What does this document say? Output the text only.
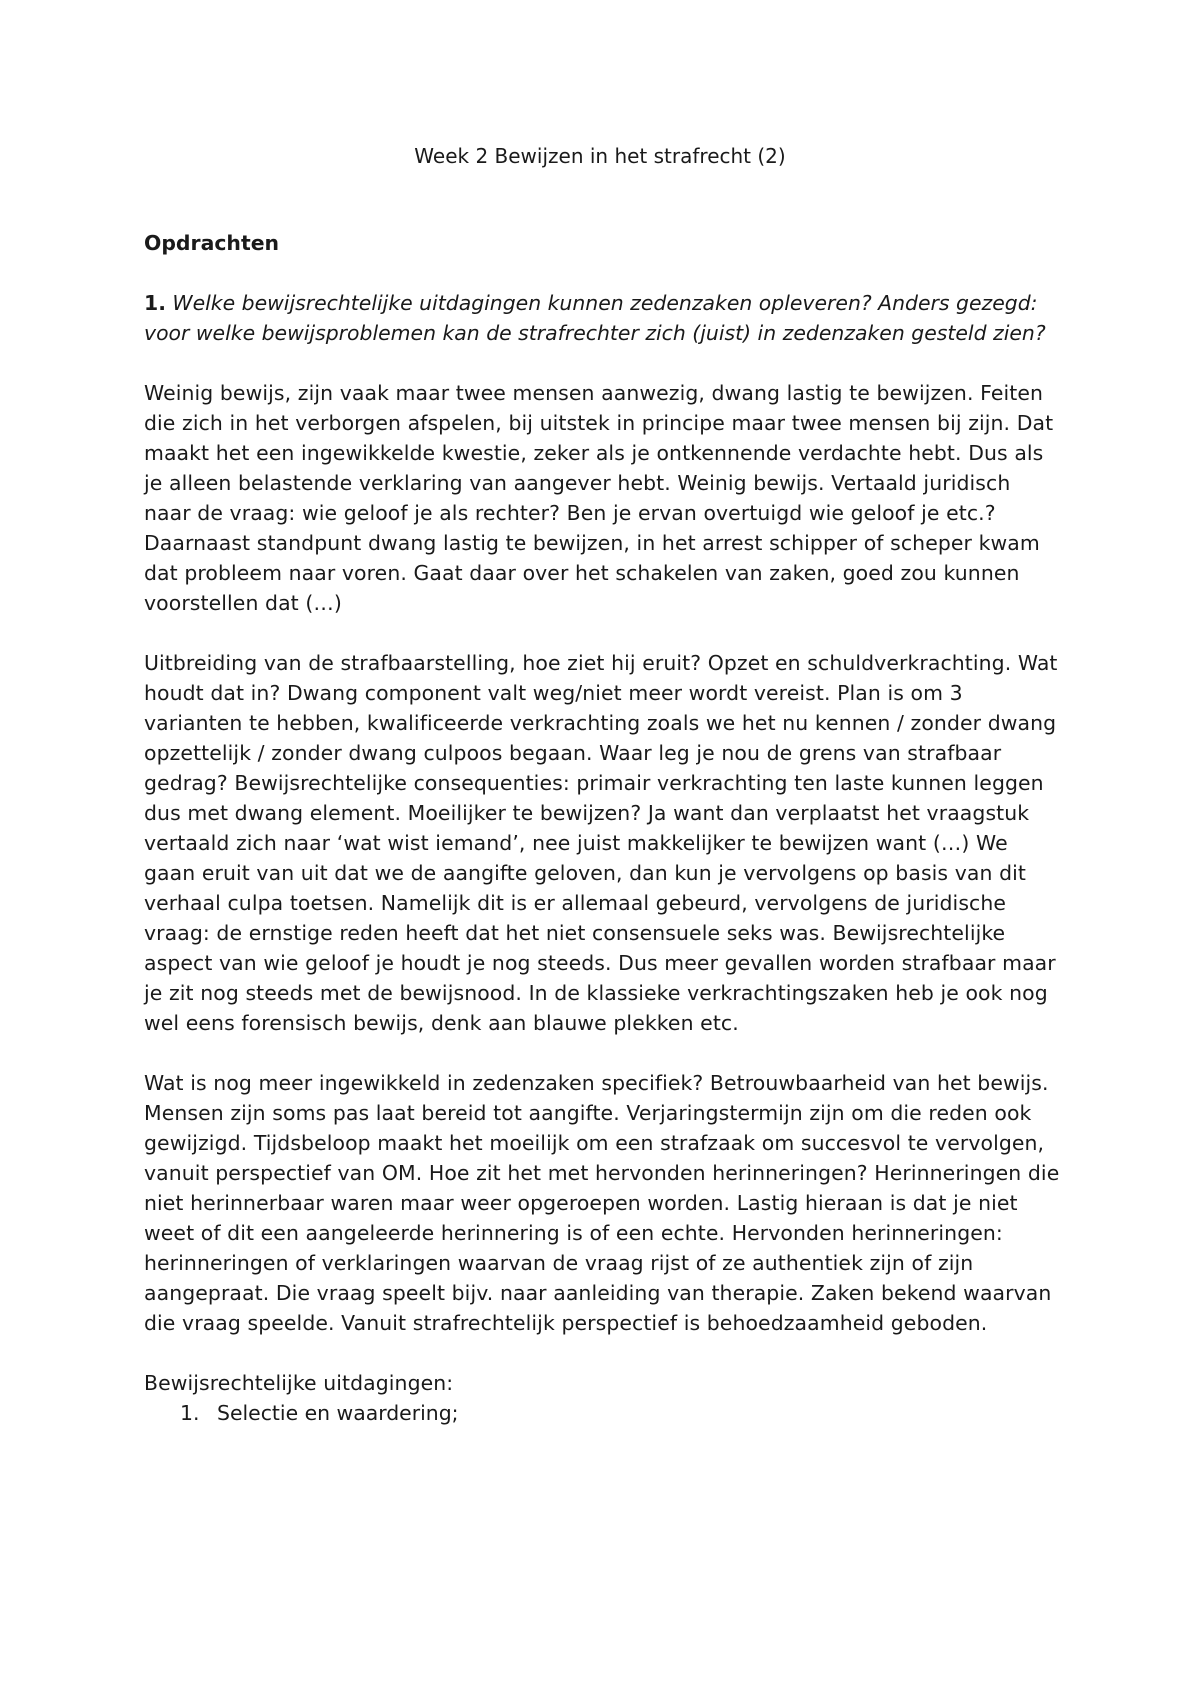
Week 2 Bewijzen in het strafrecht (2)

Opdrachten

1. Welke bewijsrechtelijke uitdagingen kunnen zedenzaken opleveren? Anders gezegd: voor welke bewijsproblemen kan de strafrechter zich (juist) in zedenzaken gesteld zien?

Weinig bewijs, zijn vaak maar twee mensen aanwezig, dwang lastig te bewijzen. Feiten die zich in het verborgen afspelen, bij uitstek in principe maar twee mensen bij zijn. Dat maakt het een ingewikkelde kwestie, zeker als je ontkennende verdachte hebt. Dus als je alleen belastende verklaring van aangever hebt. Weinig bewijs. Vertaald juridisch naar de vraag: wie geloof je als rechter? Ben je ervan overtuigd wie geloof je etc.? Daarnaast standpunt dwang lastig te bewijzen, in het arrest schipper of scheper kwam dat probleem naar voren. Gaat daar over het schakelen van zaken, goed zou kunnen voorstellen dat (…)

Uitbreiding van de strafbaarstelling, hoe ziet hij eruit? Opzet en schuldverkrachting. Wat houdt dat in? Dwang component valt weg/niet meer wordt vereist. Plan is om 3 varianten te hebben, kwalificeerde verkrachting zoals we het nu kennen / zonder dwang opzettelijk / zonder dwang culpoos begaan. Waar leg je nou de grens van strafbaar gedrag? Bewijsrechtelijke consequenties: primair verkrachting ten laste kunnen leggen dus met dwang element. Moeilijker te bewijzen? Ja want dan verplaatst het vraagstuk vertaald zich naar ‘wat wist iemand’, nee juist makkelijker te bewijzen want (…) We gaan eruit van uit dat we de aangifte geloven, dan kun je vervolgens op basis van dit verhaal culpa toetsen. Namelijk dit is er allemaal gebeurd, vervolgens de juridische vraag: de ernstige reden heeft dat het niet consensuele seks was. Bewijsrechtelijke aspect van wie geloof je houdt je nog steeds. Dus meer gevallen worden strafbaar maar je zit nog steeds met de bewijsnood. In de klassieke verkrachtingszaken heb je ook nog wel eens forensisch bewijs, denk aan blauwe plekken etc.

Wat is nog meer ingewikkeld in zedenzaken specifiek? Betrouwbaarheid van het bewijs. Mensen zijn soms pas laat bereid tot aangifte. Verjaringstermijn zijn om die reden ook gewijzigd. Tijdsbeloop maakt het moeilijk om een strafzaak om succesvol te vervolgen, vanuit perspectief van OM. Hoe zit het met hervonden herinneringen? Herinneringen die niet herinnerbaar waren maar weer opgeroepen worden. Lastig hieraan is dat je niet weet of dit een aangeleerde herinnering is of een echte. Hervonden herinneringen: herinneringen of verklaringen waarvan de vraag rijst of ze authentiek zijn of zijn aangepraat. Die vraag speelt bijv. naar aanleiding van therapie. Zaken bekend waarvan die vraag speelde. Vanuit strafrechtelijk perspectief is behoedzaamheid geboden.

Bewijsrechtelijke uitdagingen:

1. Selectie en waardering;
